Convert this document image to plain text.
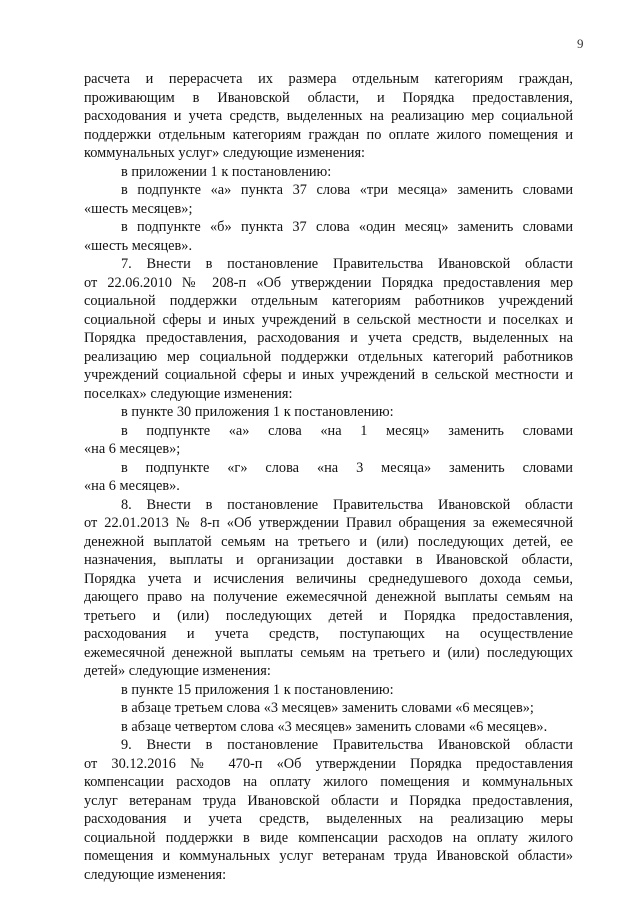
9

расчета и перерасчета их размера отдельным категориям граждан,

проживающим в Ивановской области, и Порядка предоставления,

расходования и учета средств, выделенных на реализацию мер социальной

поддержки отдельным категориям граждан по оплате жилого помещения и

коммунальных услуг» следующие изменения:

в приложении 1 к постановлению:

в подпункте «а» пункта 37 слова «три месяца» заменить словами

«шесть месяцев»;

в подпункте «б» пункта 37 слова «один месяц» заменить словами

«шесть месяцев».

7. Внести в постановление Правительства Ивановской области

от 22.06.2010 № 208-п «Об утверждении Порядка предоставления мер

социальной поддержки отдельным категориям работников учреждений

социальной сферы и иных учреждений в сельской местности и поселках и

Порядка предоставления, расходования и учета средств, выделенных на

реализацию мер социальной поддержки отдельных категорий работников

учреждений социальной сферы и иных учреждений в сельской местности и

поселках» следующие изменения:

в пункте 30 приложения 1 к постановлению:

в подпункте «а» слова «на 1 месяц» заменить словами

«на 6 месяцев»;

в подпункте «г» слова «на 3 месяца» заменить словами

«на 6 месяцев».

8. Внести в постановление Правительства Ивановской области

от 22.01.2013 № 8-п «Об утверждении Правил обращения за ежемесячной

денежной выплатой семьям на третьего и (или) последующих детей, ее

назначения, выплаты и организации доставки в Ивановской области,

Порядка учета и исчисления величины среднедушевого дохода семьи,

дающего право на получение ежемесячной денежной выплаты семьям на

третьего и (или) последующих детей и Порядка предоставления,

расходования и учета средств, поступающих на осуществление

ежемесячной денежной выплаты семьям на третьего и (или) последующих

детей» следующие изменения:

в пункте 15 приложения 1 к постановлению:

в абзаце третьем слова «3 месяцев» заменить словами «6 месяцев»;

в абзаце четвертом слова «3 месяцев» заменить словами «6 месяцев».

9. Внести в постановление Правительства Ивановской области

от 30.12.2016 № 470-п «Об утверждении Порядка предоставления

компенсации расходов на оплату жилого помещения и коммунальных

услуг ветеранам труда Ивановской области и Порядка предоставления,

расходования и учета средств, выделенных на реализацию меры

социальной поддержки в виде компенсации расходов на оплату жилого

помещения и коммунальных услуг ветеранам труда Ивановской области»

следующие изменения:
